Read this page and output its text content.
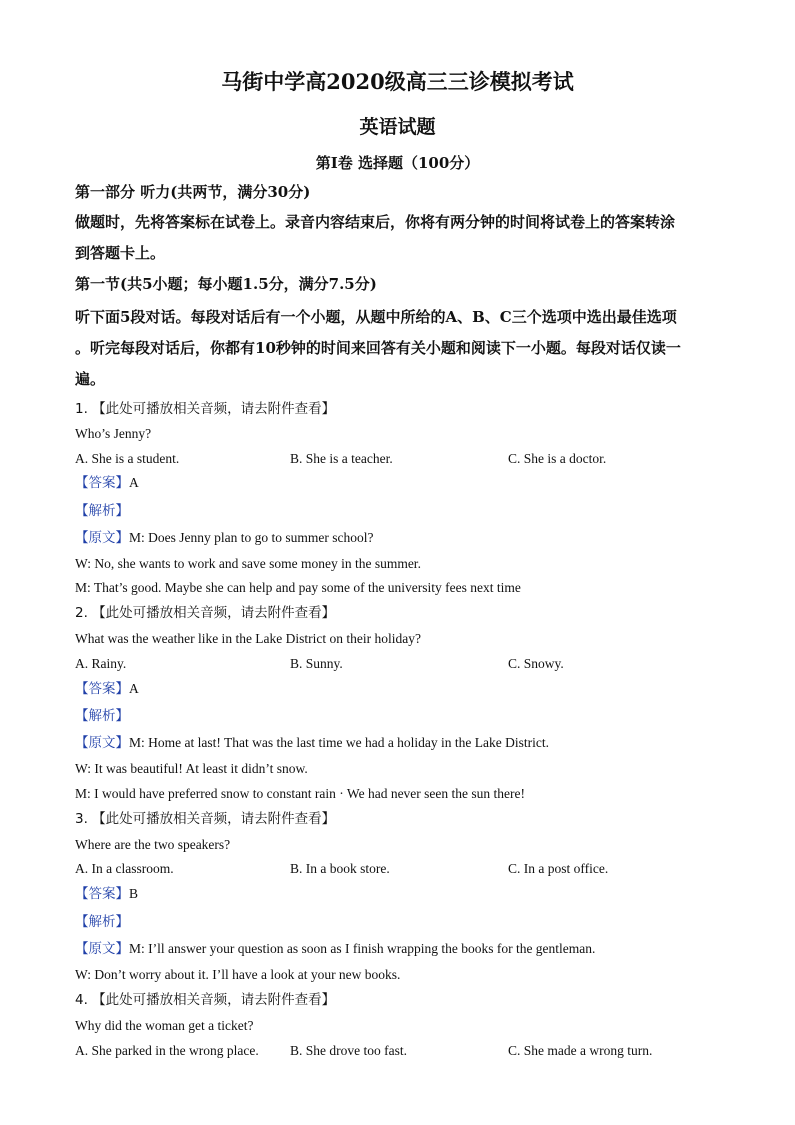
马街中学高2020级高三三诊模拟考试
英语试题
第I卷 选择题（100分）
第一部分 听力(共两节，满分30分)
做题时，先将答案标在试卷上。录音内容结束后，你将有两分钟的时间将试卷上的答案转涂
到答题卡上。
第一节(共5小题；每小题1.5分，满分7.5分)
听下面5段对话。每段对话后有一个小题，从题中所给的A、B、C三个选项中选出最佳选项
。听完每段对话后，你都有10秒钟的时间来回答有关小题和阅读下一小题。每段对话仅读一
遍。
1. 【此处可播放相关音频，请去附件查看】
Who’s Jenny?
A. She is a student.	B. She is a teacher.	C. She is a doctor.
【答案】A
【解析】
【原文】M: Does Jenny plan to go to summer school?
W: No, she wants to work and save some money in the summer.
M: That’s good. Maybe she can help and pay some of the university fees next time
2. 【此处可播放相关音频，请去附件查看】
What was the weather like in the Lake District on their holiday?
A. Rainy.	B. Sunny.	C. Snowy.
【答案】A
【解析】
【原文】M: Home at last! That was the last time we had a holiday in the Lake District.
W: It was beautiful! At least it didn’t snow.
M: I would have preferred snow to constant rain · We had never seen the sun there!
3. 【此处可播放相关音频，请去附件查看】
Where are the two speakers?
A. In a classroom.	B. In a book store.	C. In a post office.
【答案】B
【解析】
【原文】M: I’ll answer your question as soon as I finish wrapping the books for the gentleman.
W: Don’t worry about it. I’ll have a look at your new books.
4. 【此处可播放相关音频，请去附件查看】
Why did the woman get a ticket?
A. She parked in the wrong place. B. She drove too fast.	C. She made a wrong turn.
